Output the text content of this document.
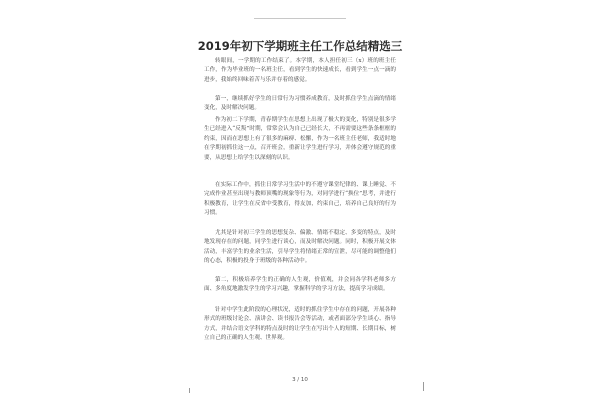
2019年初下学期班主任工作总结精选三

转眼间，一学期的工作结束了。本学期，本人担任初三（x）班的班主任工作，作为毕业班的一名班主任，看到学生的快速成长，看到学生一点一滴的进步，我始终回味着苦与乐并存着的感觉。

第一，继续抓好学生的日常行为习惯养成教育，及时抓住学生点滴的情绪变化，及时解决问题。

作为初二下学期，青春期学生在思想上出现了极大的变化，特别是很多学生已经进入“反叛”时期，常常会认为自己已经长大，不再需要这些条条框框的约束，因而在思想上有了很多的麻痹、松懈，作为一名班主任老师，我适时地在学期初抓住这一点，召开班会，重新让学生进行学习，并体会遵守规范的重要，从思想上给学生以深刻的认识。

在实际工作中，抓住日常学习生活中的不遵守课堂纪律的、课上睡觉、不完成作业甚至出现与教师顶嘴的现象等行为，对同学进行“换位”思考，并进行积极教育，让学生在反省中受教育，得友加，约束自己，培养自己良好的行为习惯。

尤其是针对初三学生的思想复杂、偏激、情绪不稳定、多变的特点，及时地发现存在的问题，同学生进行谈心，而及时解决问题。同时，积极开展文体活动，丰富学生的业余生活，引导学生将情绪正常的宣泄，尽可能的调整他们的心态，积极的投身于班级的各种活动中。

第二，积极培养学生的正确的人生观，价值观，并会同各学科老师多方面、多角度地激发学生的学习兴趣，掌握科学的学习方法，提高学习成绩。

针对中学生此阶段的心理状况，适时的抓住学生中存在的问题，开展各种形式的班级讨论会、演讲会、读书报告会等活动，或者面部分学生谈心、指导方式，并结合语文学科的特点及时的让学生在写出个人的短期、长期目标，树立自己的正确的人生观、世界观。

3 / 10
